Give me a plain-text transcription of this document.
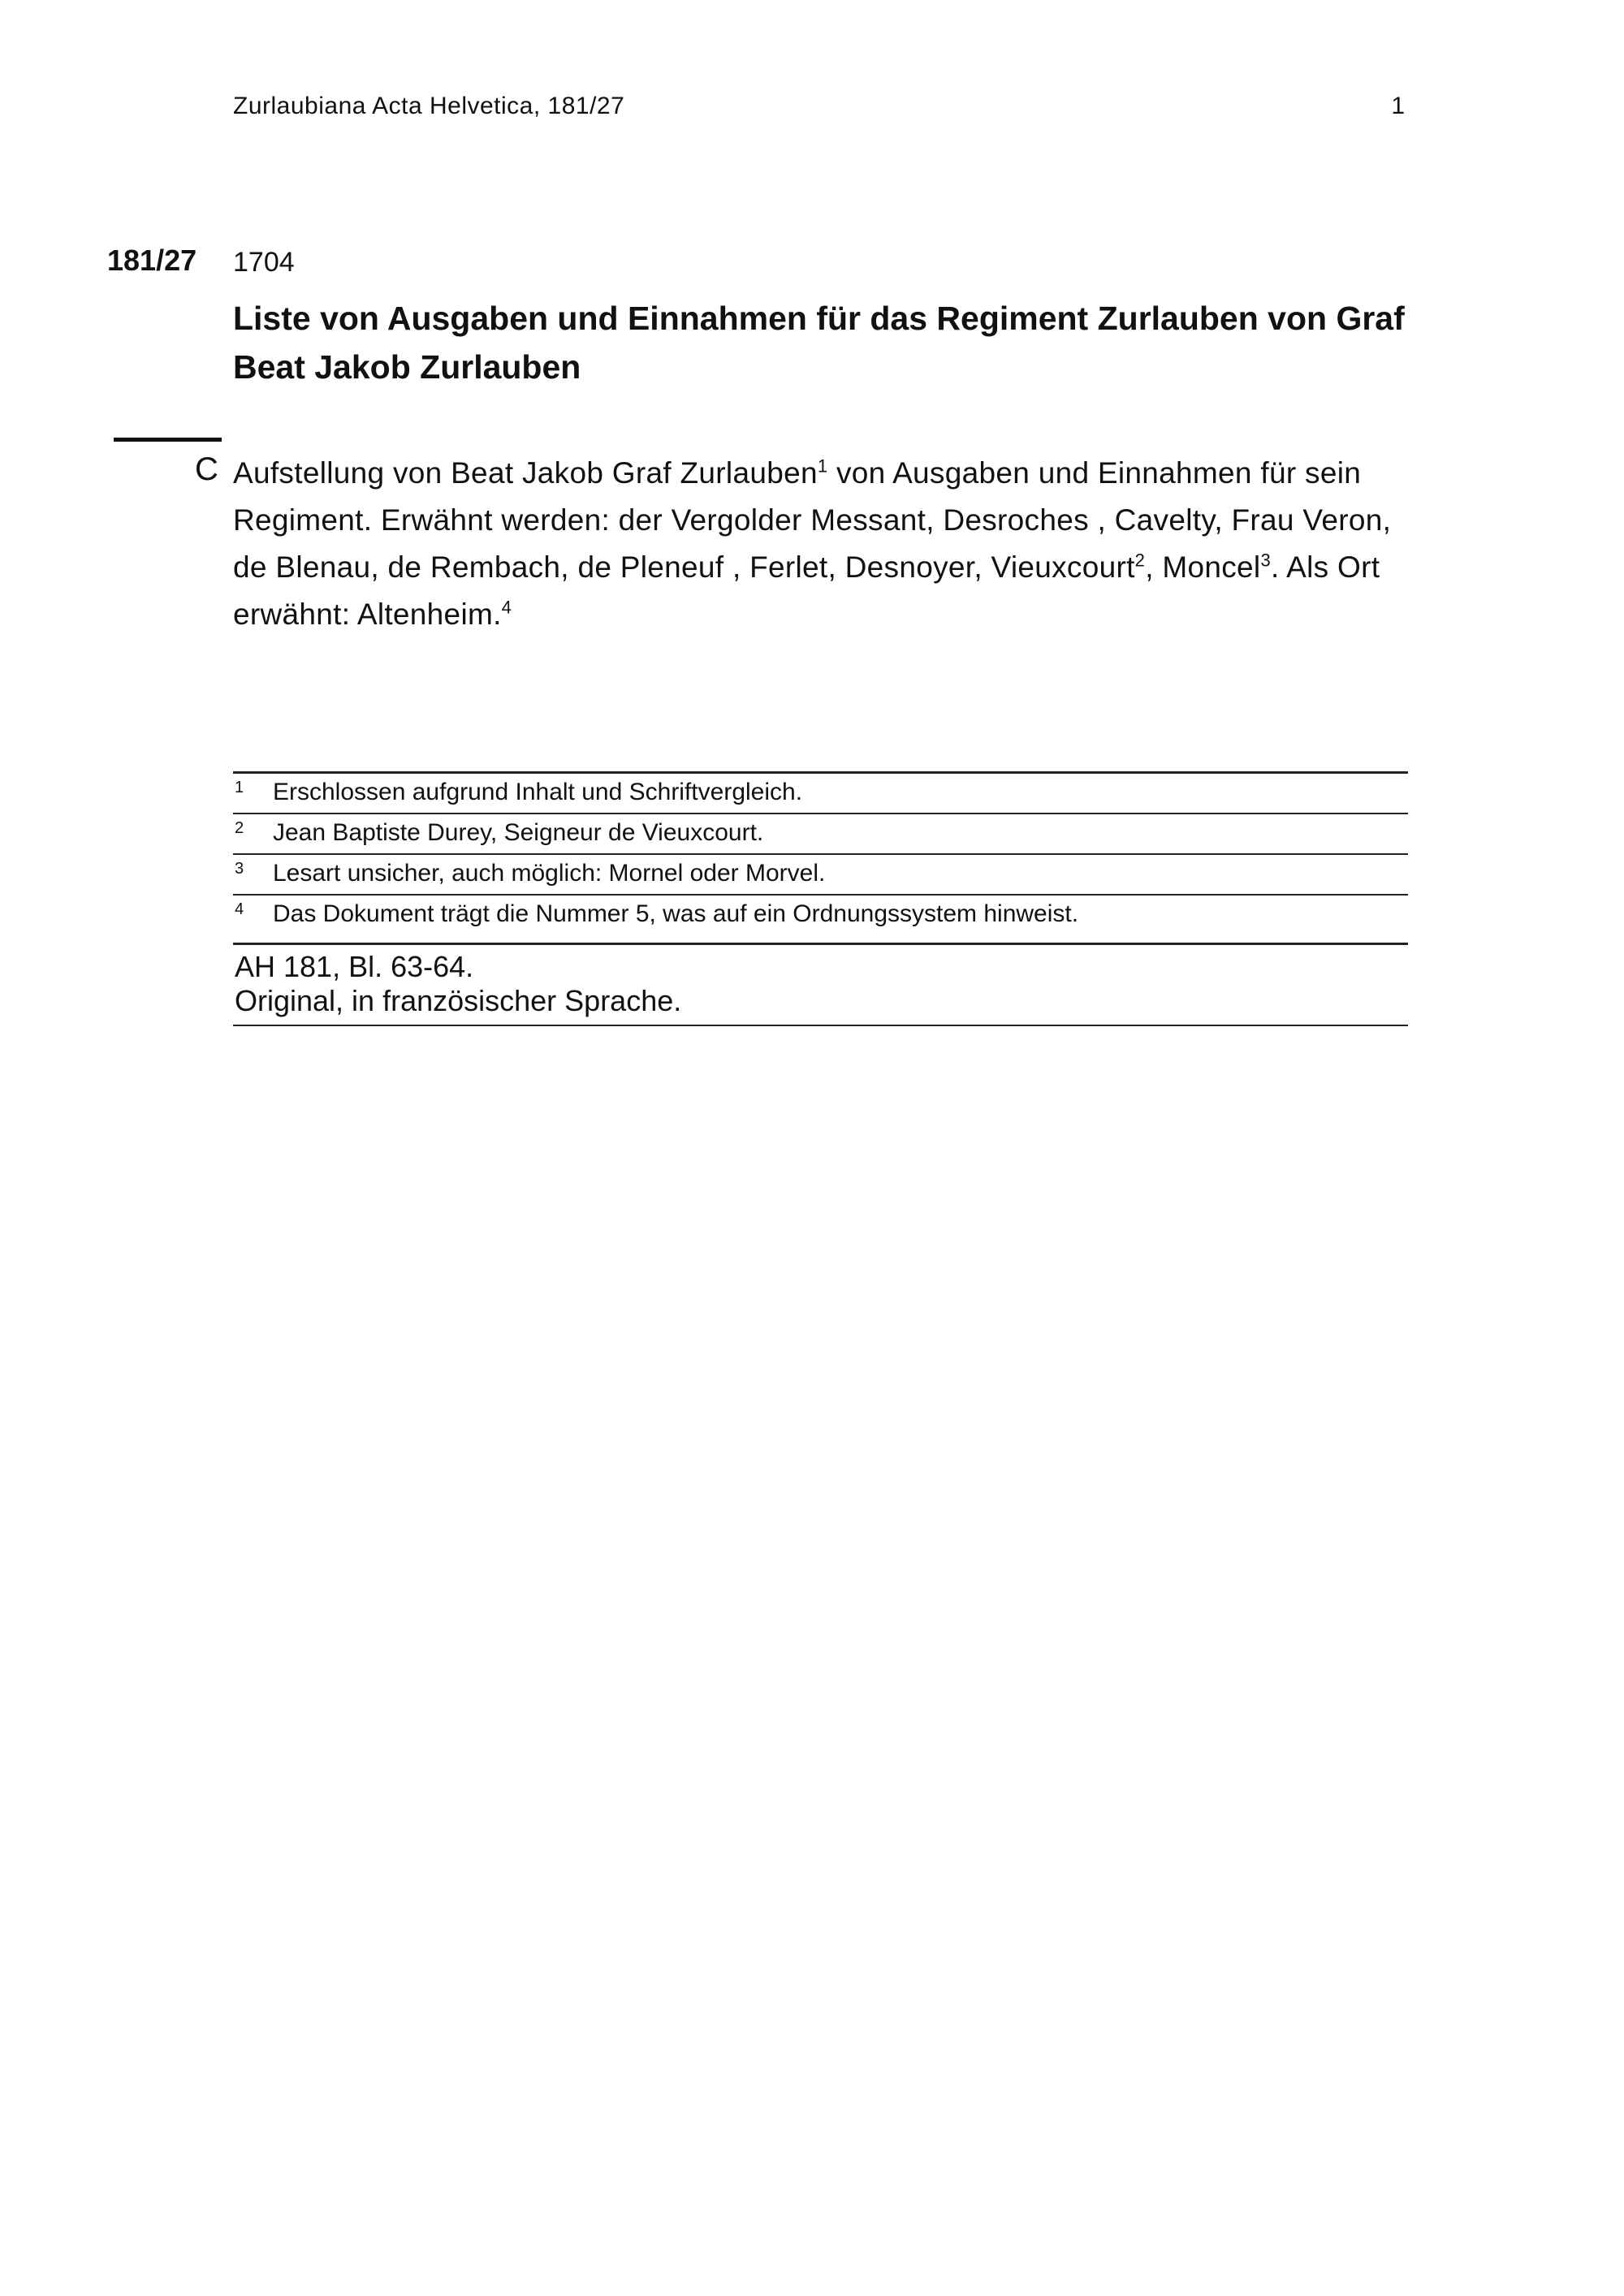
Zurlaubiana Acta Helvetica, 181/27	1
181/27 1704
Liste von Ausgaben und Einnahmen für das Regiment Zurlauben von Graf Beat Jakob Zurlauben
C Aufstellung von Beat Jakob Graf Zurlauben$^1$ von Ausgaben und Einnahmen für sein Regiment. Erwähnt werden: der Vergolder Messant, Desroches , Cavelty, Frau Veron, de Blenau, de Rembach, de Pleneuf , Ferlet, Desnoyer, Vieuxcourt$^2$, Moncel$^3$. Als Ort erwähnt: Altenheim.$^4$

1 Erschlossen aufgrund Inhalt und Schriftvergleich.
2 Jean Baptiste Durey, Seigneur de Vieuxcourt.
3 Lesart unsicher, auch möglich: Mornel oder Morvel.
4 Das Dokument trägt die Nummer 5, was auf ein Ordnungssystem hinweist.
AH 181, Bl. 63-64.
Original, in französischer Sprache.
